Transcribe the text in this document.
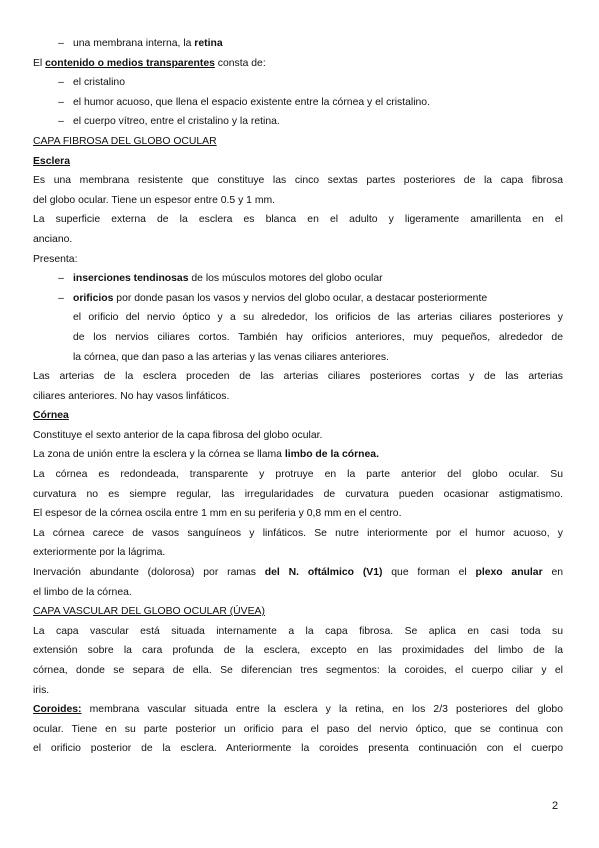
– una membrana interna, la retina
El contenido o medios transparentes consta de:
– el cristalino
– el humor acuoso, que llena el espacio existente entre la córnea y el cristalino.
– el cuerpo vítreo, entre el cristalino y la retina.
CAPA FIBROSA DEL GLOBO OCULAR
Esclera
Es una membrana resistente que constituye las cinco sextas partes posteriores de la capa fibrosa
del globo ocular. Tiene un espesor entre 0.5 y 1 mm.
La superficie externa de la esclera es blanca en el adulto y ligeramente amarillenta en el
anciano.
Presenta:
– inserciones tendinosas de los músculos motores del globo ocular
– orificios por donde pasan los vasos y nervios del globo ocular, a destacar posteriormente
el orificio del nervio óptico y a su alrededor, los orificios de las arterias ciliares posteriores y
de los nervios ciliares cortos. También hay orificios anteriores, muy pequeños, alrededor de
la córnea, que dan paso a las arterias y las venas ciliares anteriores.
Las arterias de la esclera proceden de las arterias ciliares posteriores cortas y de las arterias
ciliares anteriores. No hay vasos linfáticos.
Córnea
Constituye el sexto anterior de la capa fibrosa del globo ocular.
La zona de unión entre la esclera y la córnea se llama limbo de la córnea.
La córnea es redondeada, transparente y protruye en la parte anterior del globo ocular. Su
curvatura no es siempre regular, las irregularidades de curvatura pueden ocasionar astigmatismo.
El espesor de la córnea oscila entre 1 mm en su periferia y 0,8 mm en el centro.
La córnea carece de vasos sanguíneos y linfáticos. Se nutre interiormente por el humor acuoso, y
exteriormente por la lágrima.
Inervación abundante (dolorosa) por ramas del N. oftálmico (V1) que forman el plexo anular en
el limbo de la córnea.
CAPA VASCULAR DEL GLOBO OCULAR (ÚVEA)
La capa vascular está situada internamente a la capa fibrosa. Se aplica en casi toda su
extensión sobre la cara profunda de la esclera, excepto en las proximidades del limbo de la
córnea, donde se separa de ella. Se diferencian tres segmentos: la coroides, el cuerpo ciliar y el
iris.
Coroides: membrana vascular situada entre la esclera y la retina, en los 2/3 posteriores del globo
ocular. Tiene en su parte posterior un orificio para el paso del nervio óptico, que se continua con
el orificio posterior de la esclera. Anteriormente la coroides presenta continuación con el cuerpo
2
